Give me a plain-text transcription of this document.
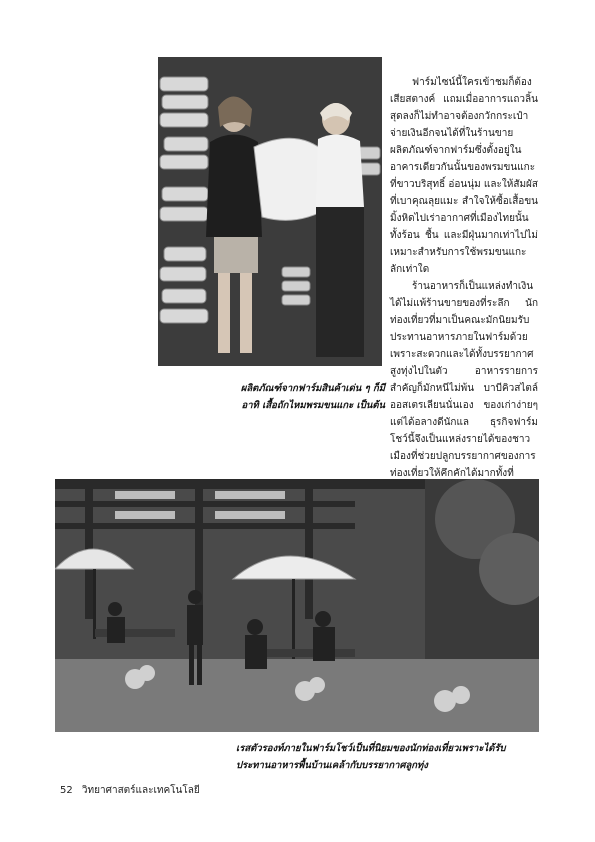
ฟาร์มไซน์นี้ใครเข้าชมก็ต้องเสียสตางค์ แถมเมื่ออาการแถวลิ้นสุดลงก็ไม่ทำอาจต้องกวักกระเป๋าจ่ายเงินอีกจนได้ที่ในร้านขายผลิตภัณฑ์จากฟาร์มซึ่งตั้งอยู่ในอาคารเดียวกันนั้นของพรมขนแกะที่ขาวบริสุทธิ์ อ่อนนุ่ม และให้สัมผัสที่เบาคุณลุยแมะ สำใจให้ซื้อเสื้อขนมิ้งหิดไปเร่าอากาศที่เมืองไทยนั้นทั้งร้อน ชื้น และมีฝุ่นมากเท่าไปไม่เหมาะสำหรับการใช้พรมขนแกะลักเท่าใด

ร้านอาหารก็เป็นแหล่งทำเงินได้ไม่แพ้ร้านขายของที่ระลึก นักท่องเที่ยวที่มาเป็นคณะมักนิยมรับประทานอาหารภายในฟาร์มด้วย เพราะสะดวกและได้ทั้งบรรยากาศสูงทุ่งไปในตัว อาหารรายการสำคัญก็มักหนีไม่พ้น บาบีคิวสไตล์ออสเตรเลียนนั่นเอง ของเก่าง่ายๆ แต่ได้อลางดีนักแล ธุรกิจฟาร์มโชว์นี้จึงเป็นแหล่งรายได้ของชาวเมืองที่ช่วยปลูกบรรยากาศของการท่องเที่ยวให้คึกคักได้มากทั้งที่

ผลิตภัณฑ์จากฟาร์มสินค้าเด่น ๆ ก็มีอาทิ เสื้อถักไหมพรมขนแกะ เป็นต้น
เรสตัวรองท์ภายในฟาร์มโชว์เป็นที่นิยมของนักท่องเที่ยวเพราะได้รับประทานอาหารพื้นบ้านเคล้ากับบรรยากาศลูกทุ่ง
52 วิทยาศาสตร์และเทคโนโลยี
